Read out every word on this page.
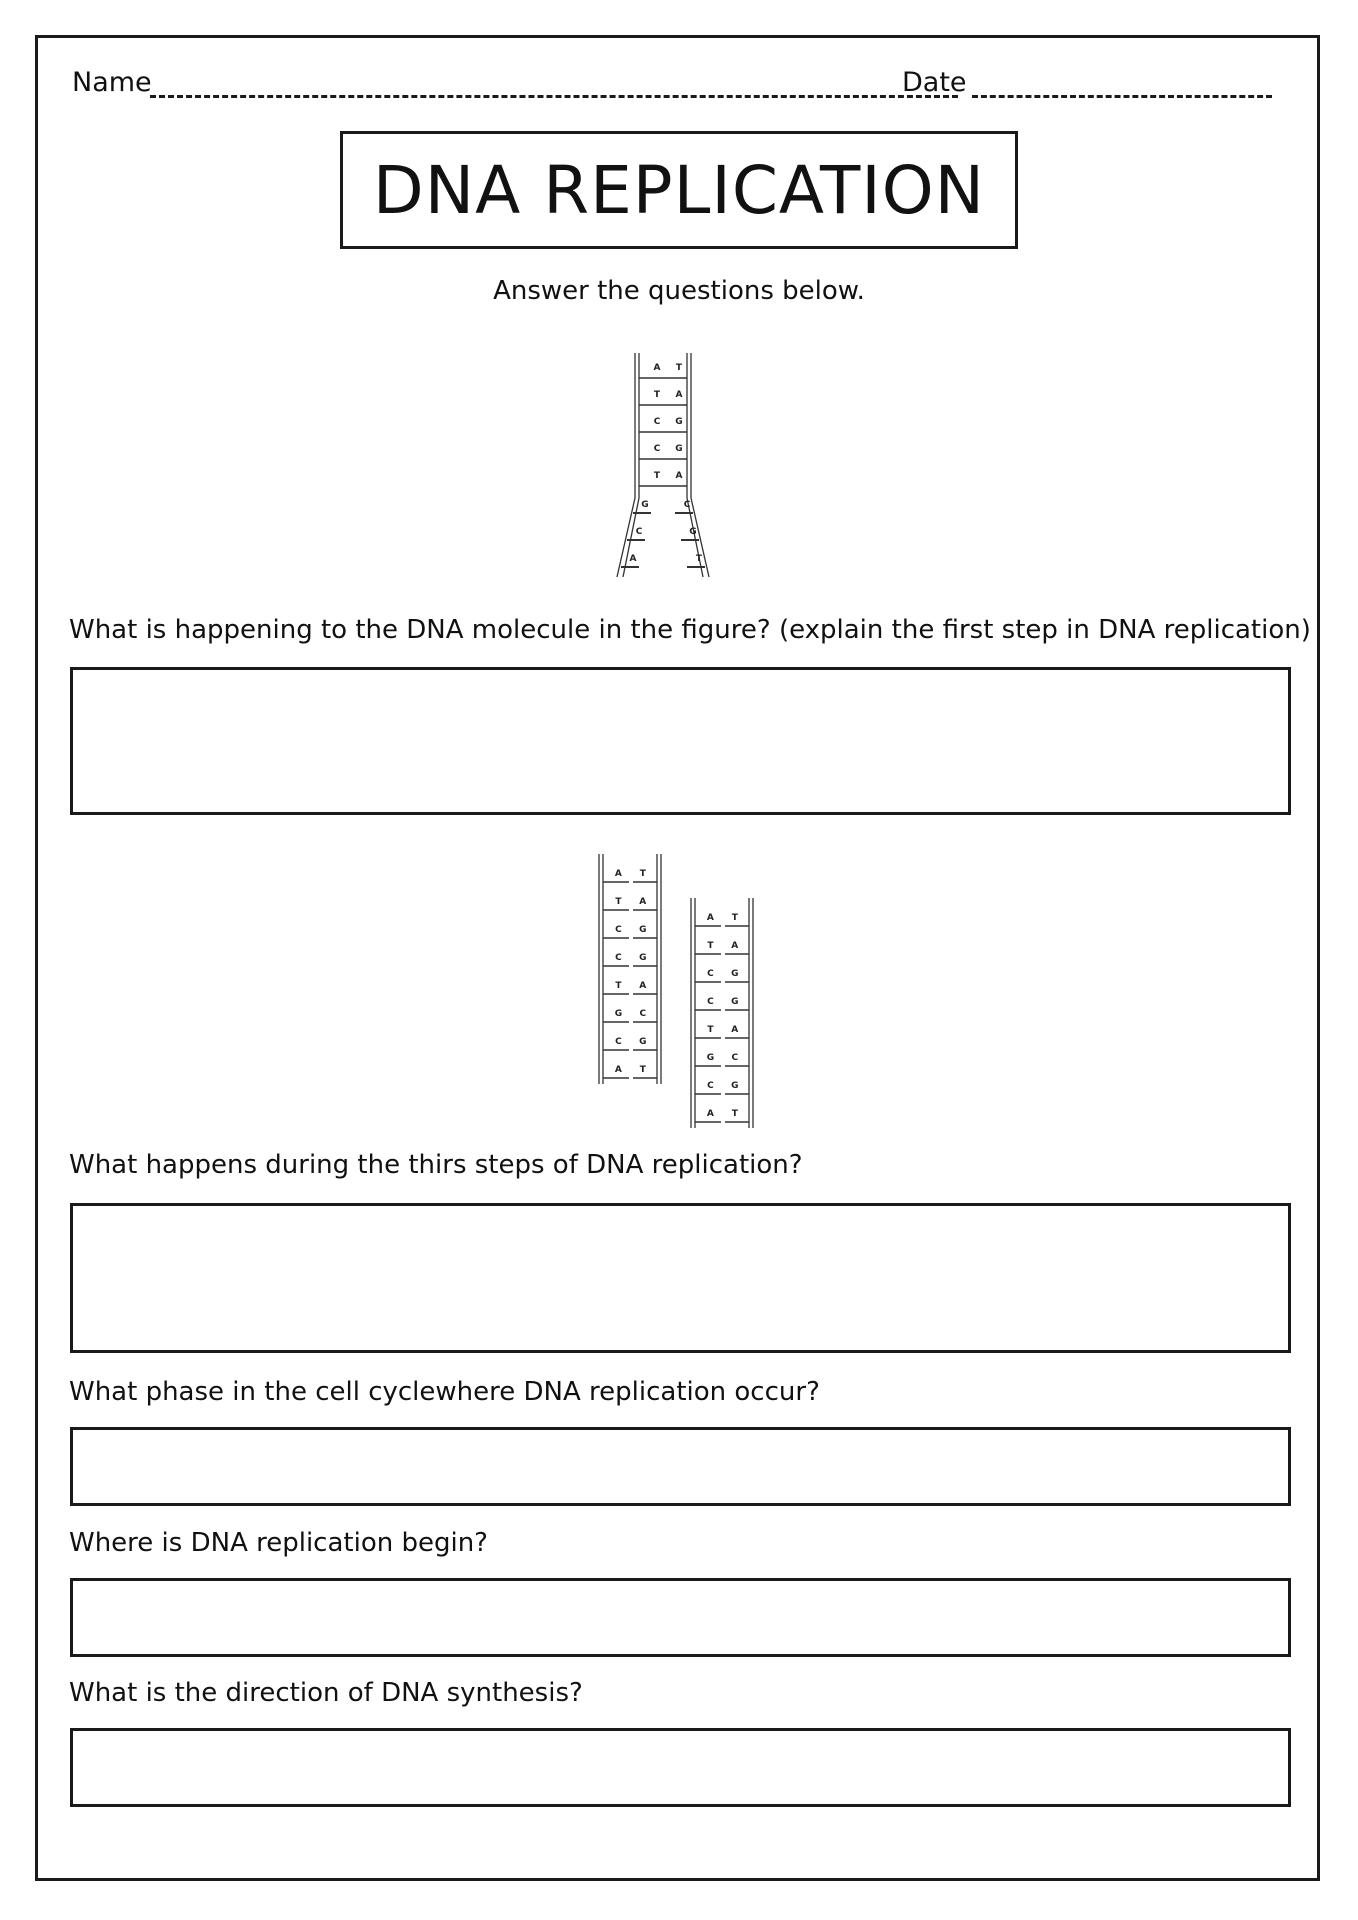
Name	Date
DNA REPLICATION
Answer the questions below.
A T
T A
C G
C G
T A
G	C
C	G
A	T
What is happening to the DNA molecule in the figure? (explain the first step in DNA replication)
A T
T A
C G
C G
T A
G C
C G
A T
A T
T A
C G
C G
T A
G C
C G
A T
What happens during the thirs steps of DNA replication?
What phase in the cell cyclewhere DNA replication occur?
Where is DNA replication begin?
What is the direction of DNA synthesis?
